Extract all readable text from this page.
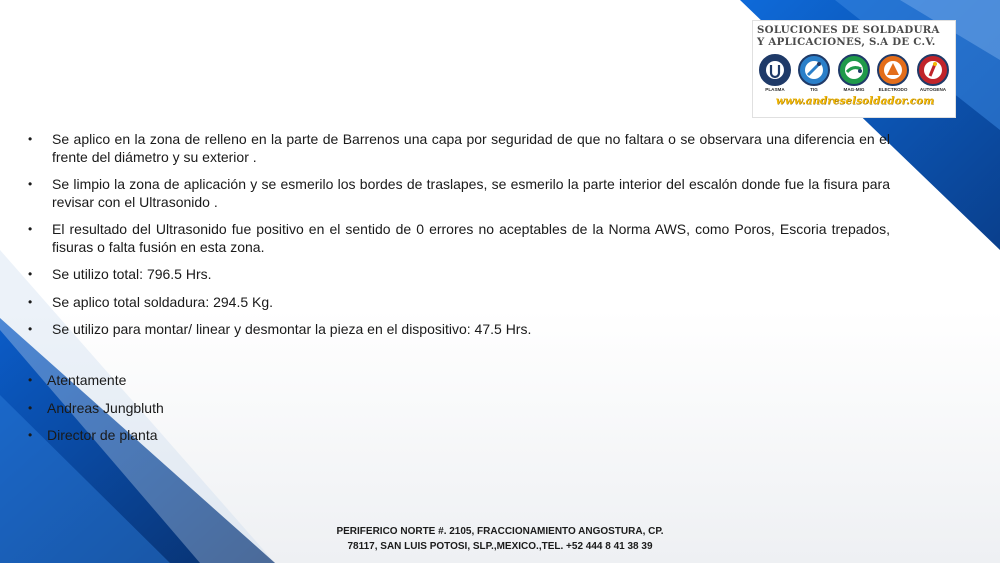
SOLUCIONES DE SOLDADURA
Y APLICACIONES, S.A DE C.V.
PLASMA	TIG	MAG-MIG	ELECTRODO	AUTOGENA
www.andreselsoldador.com
• Se aplico en la zona de relleno en la parte de Barrenos una capa por seguridad de que no faltara o se observara una diferencia en el frente del diámetro y su exterior .
• Se limpio la zona de aplicación y se esmerilo los bordes de traslapes, se esmerilo la parte interior del escalón donde fue la fisura para revisar con el Ultrasonido .
• El resultado del Ultrasonido fue positivo en el sentido de 0 errores no aceptables de la Norma AWS, como Poros, Escoria trepados, fisuras o falta fusión en esta zona.
• Se utilizo total: 796.5 Hrs.
• Se aplico total soldadura: 294.5 Kg.
• Se utilizo para montar/ linear y desmontar la pieza en el dispositivo: 47.5 Hrs.
• Atentamente
• Andreas Jungbluth
• Director de planta
PERIFERICO NORTE #. 2105, FRACCIONAMIENTO ANGOSTURA, CP.
78117, SAN LUIS POTOSI, SLP.,MEXICO.,TEL. +52 444 8 41 38 39
